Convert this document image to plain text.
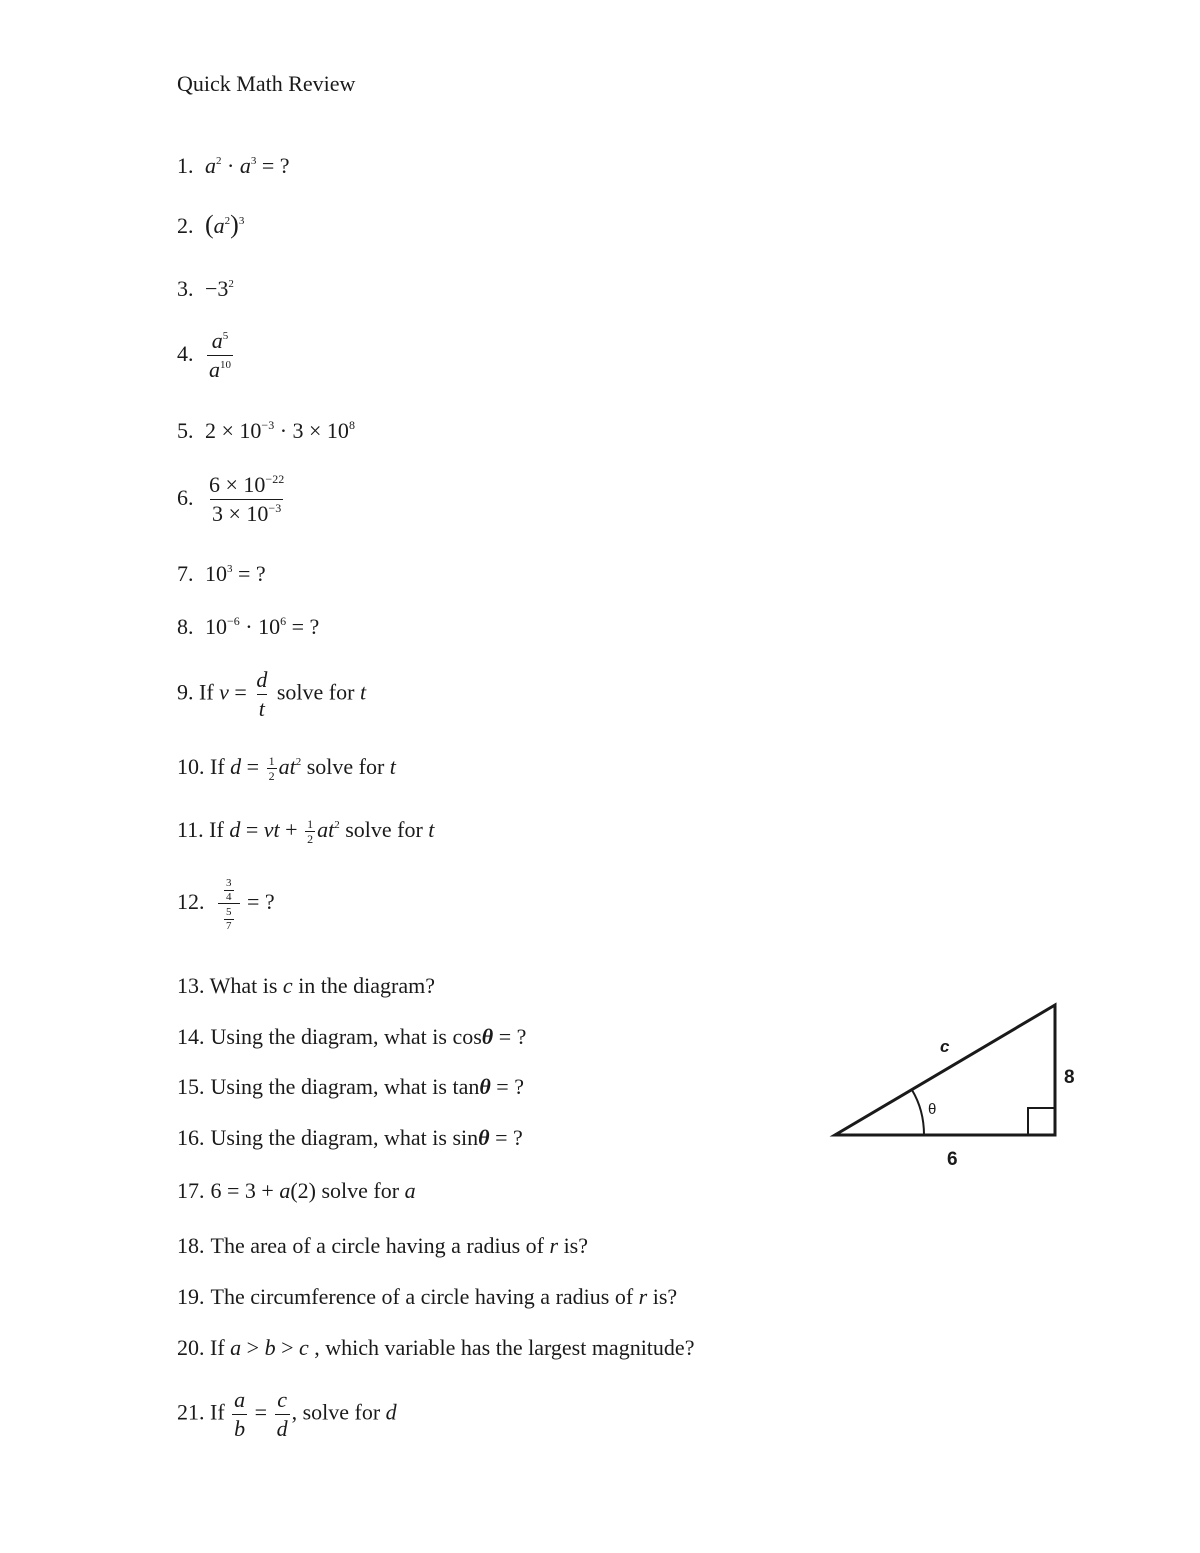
Quick Math Review
1. $a^2 \cdot a^3$ = ?
2. $(a^2)^3$
3. $-3^2$
4. $\frac{a^5}{a^{10}}$
5. $2 \times 10^{-3} \cdot 3 \times 10^8$
6. $\frac{6 \times 10^{-22}}{3 \times 10^{-3}}$
7. $10^3$ = ?
8. $10^{-6} \cdot 10^6$ = ?
9. If $v = \frac{d}{t}$ solve for t
10. If $d = \frac{1}{2} at^2$ solve for t
11. If d = vt + $\frac{1}{2} at^2$ solve for t
12. $\frac{\frac{3}{4}}{\frac{5}{7}}$ = ?
13. What is c in the diagram?
14. Using the diagram, what is cosθ = ?
15. Using the diagram, what is tanθ = ?
16. Using the diagram, what is sinθ = ?
17. 6 = 3 + a(2) solve for a
18. The area of a circle having a radius of r is?
19. The circumference of a circle having a radius of r is?
20. If a > b > c , which variable has the largest magnitude?
21. If $\frac{a}{b} = \frac{c}{d}$ , solve for d
θ
c
8
6
